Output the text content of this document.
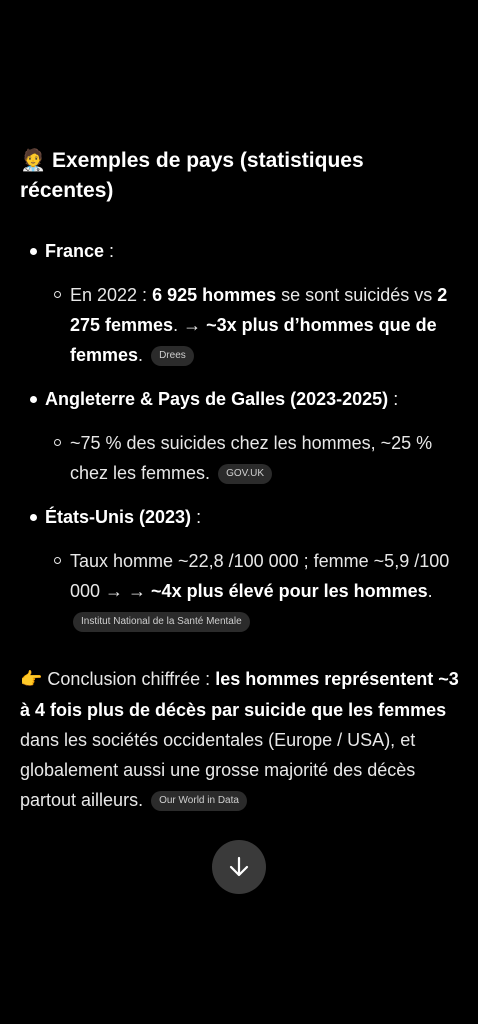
🧑‍⚕️ Exemples de pays (statistiques récentes)
France :
En 2022 : 6 925 hommes se sont suicidés vs 2 275 femmes. → ~3x plus d’hommes que de femmes. Drees
Angleterre & Pays de Galles (2023-2025) :
~75 % des suicides chez les hommes, ~25 % chez les femmes. GOV.UK
États-Unis (2023) :
Taux homme ~22,8 /100 000 ; femme ~5,9 /100 000 → → ~4x plus élevé pour les hommes. Institut National de la Santé Mentale

👉 Conclusion chiffrée : les hommes représentent ~3 à 4 fois plus de décès par suicide que les femmes dans les sociétés occidentales (Europe / USA), et globalement aussi une grosse majorité des décès partout ailleurs. Our World in Data
